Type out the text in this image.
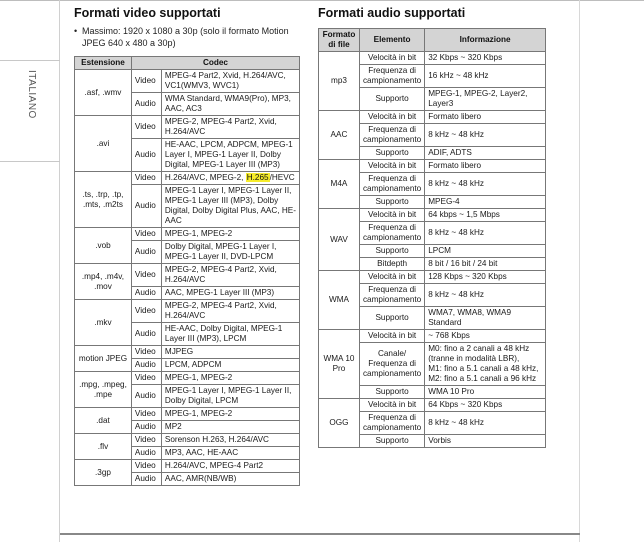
ITALIANO
Formati video supportati
• Massimo: 1920 x 1080 a 30p (solo il formato Motion JPEG 640 x 480 a 30p)
Estensione	Codec	
.asf, .wmv	Video	MPEG-4 Part2, Xvid, H.264/AVC, VC1(WMV3, WVC1)
	Audio	WMA Standard, WMA9(Pro), MP3, AAC, AC3
.avi	Video	MPEG-2, MPEG-4 Part2, Xvid, H.264/AVC
	Audio	HE-AAC, LPCM, ADPCM, MPEG-1 Layer I, MPEG-1 Layer II, Dolby Digital, MPEG-1 Layer III (MP3)
.ts, .trp, .tp, .mts, .m2ts	Video	H.264/AVC, MPEG-2, H.265/HEVC
	Audio	MPEG-1 Layer I, MPEG-1 Layer II, MPEG-1 Layer III (MP3), Dolby Digital, Dolby Digital Plus, AAC, HE-AAC
.vob	Video	MPEG-1, MPEG-2
	Audio	Dolby Digital, MPEG-1 Layer I, MPEG-1 Layer II, DVD-LPCM
.mp4, .m4v, .mov	Video	MPEG-2, MPEG-4 Part2, Xvid, H.264/AVC
	Audio	AAC, MPEG-1 Layer III (MP3)
.mkv	Video	MPEG-2, MPEG-4 Part2, Xvid, H.264/AVC
	Audio	HE-AAC, Dolby Digital, MPEG-1 Layer III (MP3), LPCM
motion JPEG	Video	MJPEG
	Audio	LPCM, ADPCM
.mpg, .mpeg, .mpe	Video	MPEG-1, MPEG-2
	Audio	MPEG-1 Layer I, MPEG-1 Layer II, Dolby Digital, LPCM
.dat	Video	MPEG-1, MPEG-2
	Audio	MP2
.flv	Video	Sorenson H.263, H.264/AVC
	Audio	MP3, AAC, HE-AAC
.3gp	Video	H.264/AVC, MPEG-4 Part2
	Audio	AAC, AMR(NB/WB)
Formati audio supportati
Formato di file	Elemento	Informazione
mp3	Velocità in bit	32 Kbps ~ 320 Kbps
	Frequenza di campionamento	16 kHz ~ 48 kHz
	Supporto	MPEG-1, MPEG-2, Layer2, Layer3
AAC	Velocità in bit	Formato libero
	Frequenza di campionamento	8 kHz ~ 48 kHz
	Supporto	ADIF, ADTS
M4A	Velocità in bit	Formato libero
	Frequenza di campionamento	8 kHz ~ 48 kHz
	Supporto	MPEG-4
WAV	Velocità in bit	64 kbps ~ 1,5 Mbps
	Frequenza di campionamento	8 kHz ~ 48 kHz
	Supporto	LPCM
	Bitdepth	8 bit / 16 bit / 24 bit
WMA	Velocità in bit	128 Kbps ~ 320 Kbps
	Frequenza di campionamento	8 kHz ~ 48 kHz
	Supporto	WMA7, WMA8, WMA9 Standard
WMA 10 Pro	Velocità in bit	~ 768 Kbps
	Canale/ Frequenza di campionamento	M0: fino a 2 canali a 48 kHz
(tranne in modalità LBR),
M1: fino a 5.1 canali a 48 kHz,
M2: fino a 5.1 canali a 96 kHz

	Supporto	WMA 10 Pro
OGG	Velocità in bit	64 Kbps ~ 320 Kbps
	Frequenza di campionamento	8 kHz ~ 48 kHz
	Supporto	Vorbis
